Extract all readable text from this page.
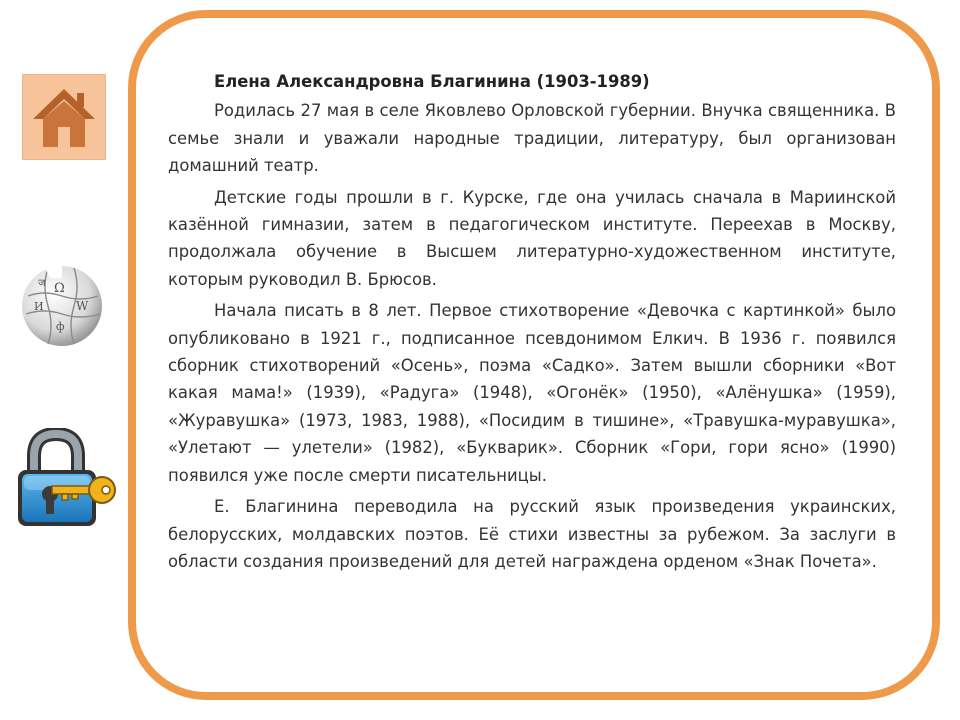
Ω
W
И
ф
ज

Елена Александровна Благинина (1903-1989)

Родилась 27 мая в селе Яковлево Орловской губернии. Внучка священника. В семье знали и уважали народные традиции, литературу, был организован домашний театр.

Детские годы прошли в г. Курске, где она училась сначала в Мариинской казённой гимназии, затем в педагогическом институте. Переехав в Москву, продолжала обучение в Высшем литературно-художественном институте, которым руководил В. Брюсов.

Начала писать в 8 лет. Первое стихотворение «Девочка с картинкой» было опубликовано в 1921 г., подписанное псевдонимом Елкич. В 1936 г. появился сборник стихотворений «Осень», поэма «Садко». Затем вышли сборники «Вот какая мама!» (1939), «Радуга» (1948), «Огонёк» (1950), «Алёнушка» (1959), «Журавушка» (1973, 1983, 1988), «Посидим в тишине», «Травушка-муравушка», «Улетают — улетели» (1982), «Букварик». Сборник «Гори, гори ясно» (1990) появился уже после смерти писательницы.

Е. Благинина переводила на русский язык произведения украинских, белорусских, молдавских поэтов. Её стихи известны за рубежом. За заслуги в области создания произведений для детей награждена орденом «Знак Почета».
